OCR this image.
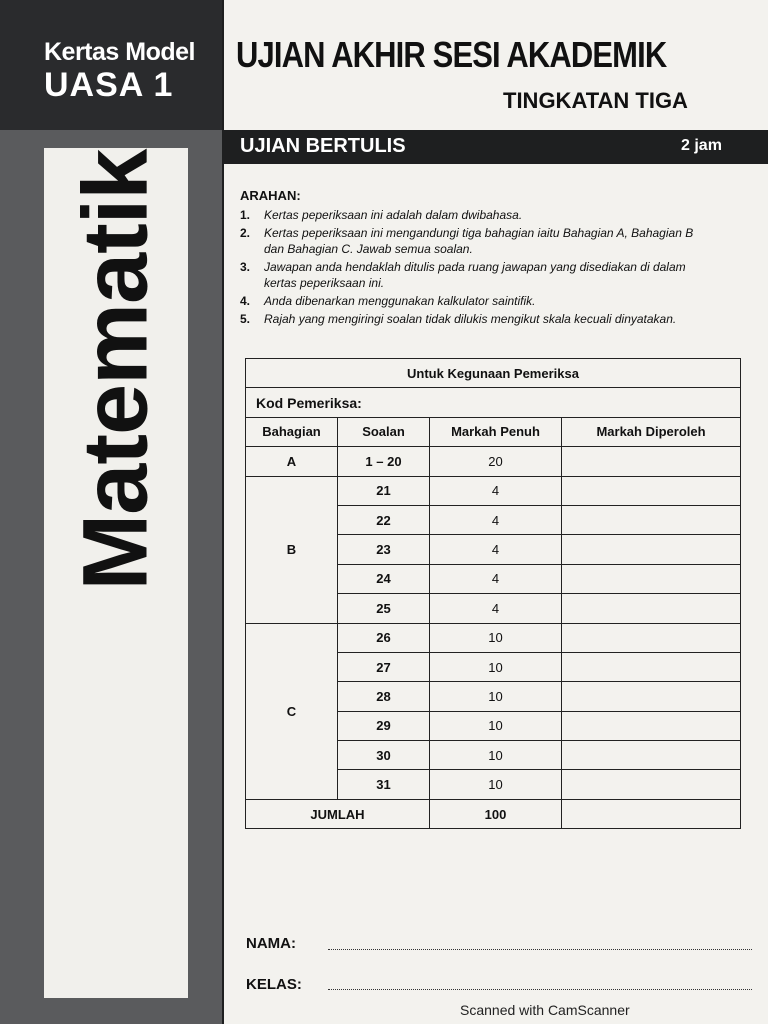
Kertas Model
UASA 1
Matematik
UJIAN AKHIR SESI AKADEMIK
TINGKATAN TIGA
UJIAN BERTULIS	2 jam
ARAHAN:
1.	Kertas peperiksaan ini adalah dalam dwibahasa.
2.	Kertas peperiksaan ini mengandungi tiga bahagian iaitu Bahagian A, Bahagian B dan Bahagian C. Jawab semua soalan.
3.	Jawapan anda hendaklah ditulis pada ruang jawapan yang disediakan di dalam kertas peperiksaan ini.
4.	Anda dibenarkan menggunakan kalkulator saintifik.
5.	Rajah yang mengiringi soalan tidak dilukis mengikut skala kecuali dinyatakan.
Untuk Kegunaan Pemeriksa			
Kod Pemeriksa:			
Bahagian	Soalan	Markah Penuh	Markah Diperoleh
A	1 – 20	20	
B	21	4	
	22	4	
	23	4	
	24	4	
	25	4	
C	26	10	
	27	10	
	28	10	
	29	10	
	30	10	
	31	10	
JUMLAH		100	
NAMA:
KELAS:
Scanned with CamScanner
